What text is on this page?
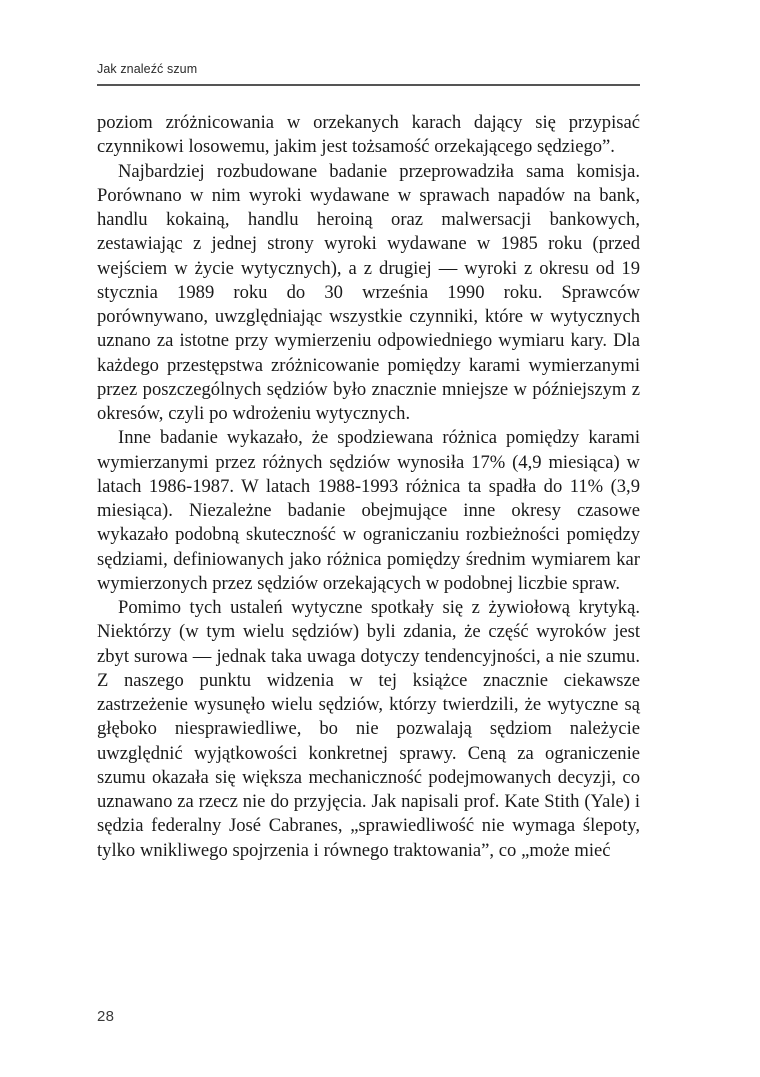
Jak znaleźć szum

poziom zróżnicowania w orzekanych karach dający się przypisać czynnikowi losowemu, jakim jest tożsamość orzekającego sędziego”.

Najbardziej rozbudowane badanie przeprowadziła sama komisja. Porównano w nim wyroki wydawane w sprawach napadów na bank, handlu kokainą, handlu heroiną oraz malwersacji bankowych, zestawiając z jednej strony wyroki wydawane w 1985 roku (przed wejściem w życie wytycznych), a z drugiej — wyroki z okresu od 19 stycznia 1989 roku do 30 września 1990 roku. Sprawców porównywano, uwzględniając wszystkie czynniki, które w wytycznych uznano za istotne przy wymierzeniu odpowiedniego wymiaru kary. Dla każdego przestępstwa zróżnicowanie pomiędzy karami wymierzanymi przez poszczególnych sędziów było znacznie mniejsze w późniejszym z okresów, czyli po wdrożeniu wytycznych.

Inne badanie wykazało, że spodziewana różnica pomiędzy karami wymierzanymi przez różnych sędziów wynosiła 17% (4,9 miesiąca) w latach 1986-1987. W latach 1988-1993 różnica ta spadła do 11% (3,9 miesiąca). Niezależne badanie obejmujące inne okresy czasowe wykazało podobną skuteczność w ograniczaniu rozbieżności pomiędzy sędziami, definiowanych jako różnica pomiędzy średnim wymiarem kar wymierzonych przez sędziów orzekających w podobnej liczbie spraw.

Pomimo tych ustaleń wytyczne spotkały się z żywiołową krytyką. Niektórzy (w tym wielu sędziów) byli zdania, że część wyroków jest zbyt surowa — jednak taka uwaga dotyczy tendencyjności, a nie szumu. Z naszego punktu widzenia w tej książce znacznie ciekawsze zastrzeżenie wysunęło wielu sędziów, którzy twierdzili, że wytyczne są głęboko niesprawiedliwe, bo nie pozwalają sędziom należycie uwzględnić wyjątkowości konkretnej sprawy. Ceną za ograniczenie szumu okazała się większa mechaniczność podejmowanych decyzji, co uznawano za rzecz nie do przyjęcia. Jak napisali prof. Kate Stith (Yale) i sędzia federalny José Cabranes, „sprawiedliwość nie wymaga ślepoty, tylko wnikliwego spojrzenia i równego traktowania”, co „może mieć

28
